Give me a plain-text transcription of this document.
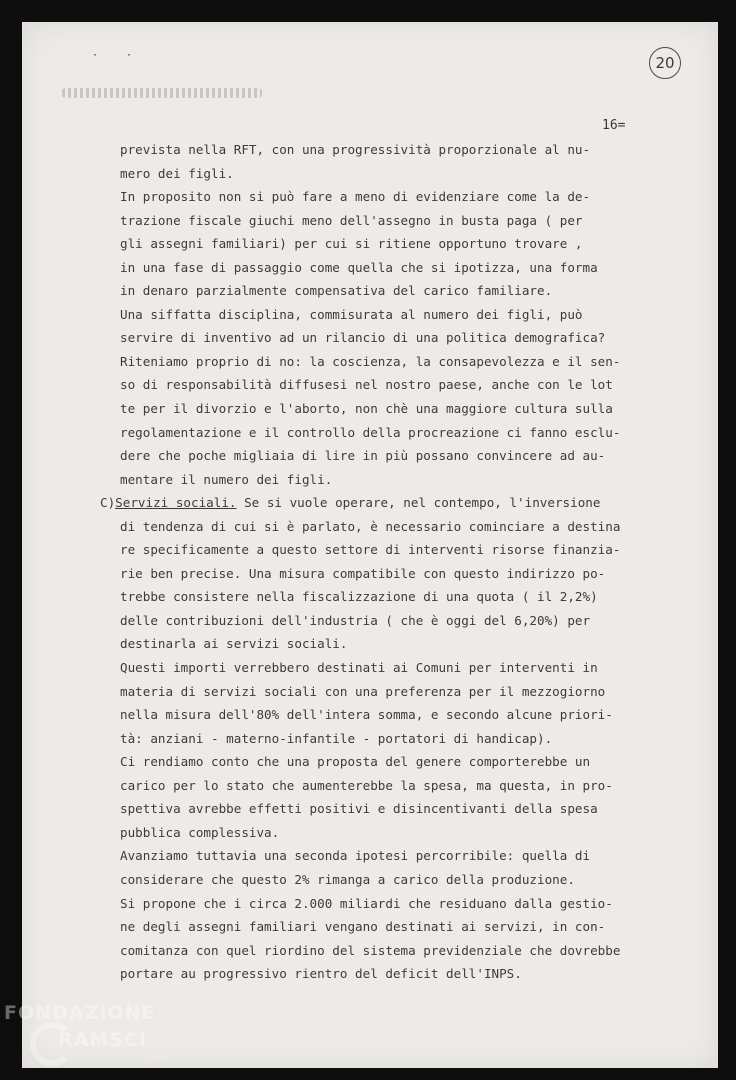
··	20
16=
prevista nella RFT, con una progressività proporzionale al nu-
mero dei figli.
In proposito non si può fare a meno di evidenziare come la de-
trazione fiscale giuchi meno dell'assegno in busta paga ( per
gli assegni familiari) per cui si ritiene opportuno trovare ,
in una fase di passaggio come quella che si ipotizza, una forma
in denaro parzialmente compensativa del carico familiare.
Una siffatta disciplina, commisurata al numero dei figli, può
servire di inventivo ad un rilancio di una politica demografica?
Riteniamo proprio di no: la coscienza, la consapevolezza e il sen-
so di responsabilità diffusesi nel nostro paese, anche con le lot
te per il divorzio e l'aborto, non chè una maggiore cultura sulla
regolamentazione e il controllo della procreazione ci fanno esclu-
dere che poche migliaia di lire in più possano convincere ad au-
mentare il numero dei figli.
C)Servizi sociali. Se si vuole operare, nel contempo, l'inversione
di tendenza di cui si è parlato, è necessario cominciare a destina
re specificamente a questo settore di interventi risorse finanzia-
rie ben precise. Una misura compatibile con questo indirizzo po-
trebbe consistere nella fiscalizzazione di una quota ( il 2,2%)
delle contribuzioni dell'industria ( che è oggi del 6,20%) per
destinarla ai servizi sociali.
Questi importi verrebbero destinati ai Comuni per interventi in
materia di servizi sociali con una preferenza per il mezzogiorno
nella misura dell'80% dell'intera somma, e secondo alcune priori-
tà: anziani - materno-infantile - portatori di handicap).
Ci rendiamo conto che una proposta del genere comporterebbe un
carico per lo stato che aumenterebbe la spesa, ma questa, in pro-
spettiva avrebbe effetti positivi e disincentivanti della spesa
pubblica complessiva.
Avanziamo tuttavia una seconda ipotesi percorribile: quella di
considerare che questo 2% rimanga a carico della produzione.
Si propone che i circa 2.000 miliardi che residuano dalla gestio-
ne degli assegni familiari vengano destinati ai servizi, in con-
comitanza con quel riordino del sistema previdenziale che dovrebbe
portare au progressivo rientro del deficit dell'INPS.
FONDAZIONE
RAMSCI
onlus
